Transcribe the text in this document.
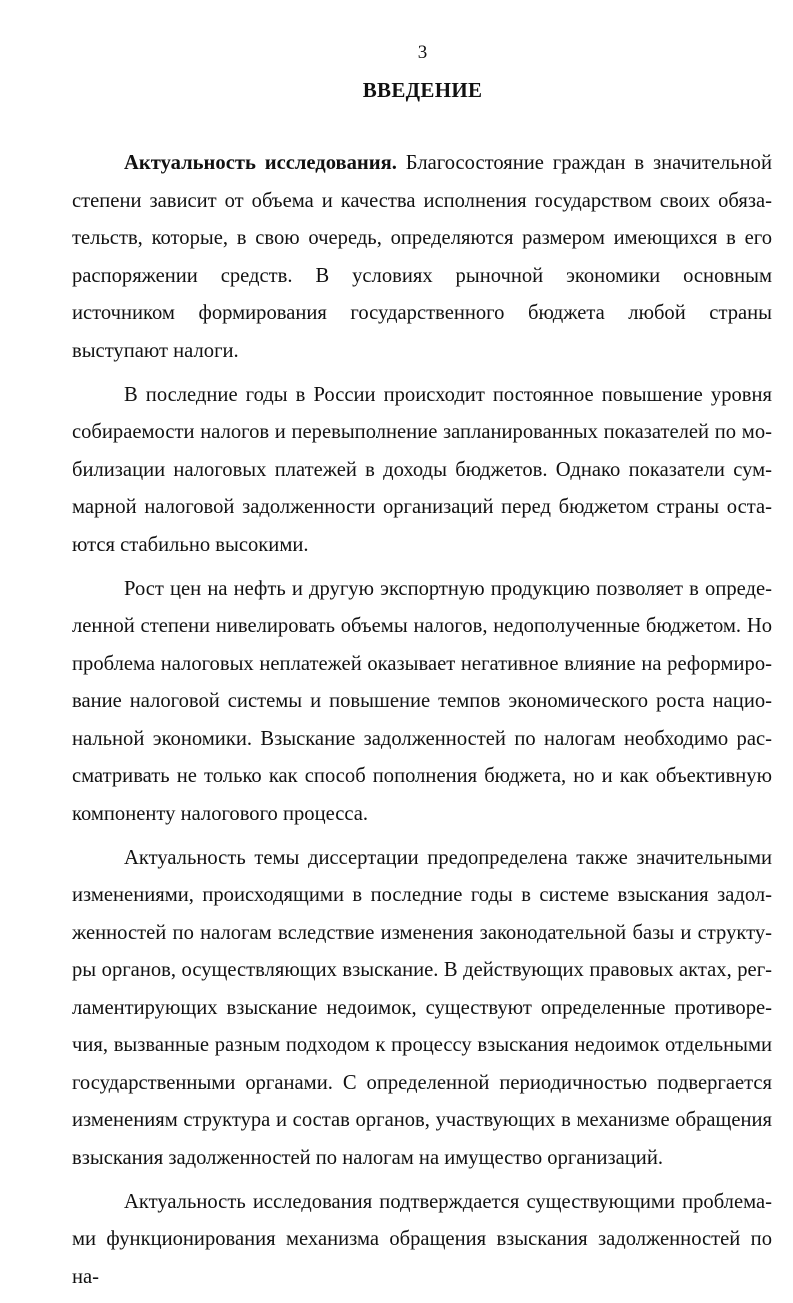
3
ВВЕДЕНИЕ

Актуальность исследования. Благосостояние граждан в значительной степени зависит от объема и качества исполнения государством своих обязательств, которые, в свою очередь, определяются размером имеющихся в его распоряжении средств. В условиях рыночной экономики основным источником формирования государственного бюджета любой страны выступают налоги.

В последние годы в России происходит постоянное повышение уровня собираемости налогов и перевыполнение запланированных показателей по мобилизации налоговых платежей в доходы бюджетов. Однако показатели суммарной налоговой задолженности организаций перед бюджетом страны остаются стабильно высокими.

Рост цен на нефть и другую экспортную продукцию позволяет в определенной степени нивелировать объемы налогов, недополученные бюджетом. Но проблема налоговых неплатежей оказывает негативное влияние на реформирование налоговой системы и повышение темпов экономического роста национальной экономики. Взыскание задолженностей по налогам необходимо рассматривать не только как способ пополнения бюджета, но и как объективную компоненту налогового процесса.

Актуальность темы диссертации предопределена также значительными изменениями, происходящими в последние годы в системе взыскания задолженностей по налогам вследствие изменения законодательной базы и структуры органов, осуществляющих взыскание. В действующих правовых актах, регламентирующих взыскание недоимок, существуют определенные противоречия, вызванные разным подходом к процессу взыскания недоимок отдельными государственными органами. С определенной периодичностью подвергается изменениям структура и состав органов, участвующих в механизме обращения взыскания задолженностей по налогам на имущество организаций.

Актуальность исследования подтверждается существующими проблемами функционирования механизма обращения взыскания задолженностей по на-
